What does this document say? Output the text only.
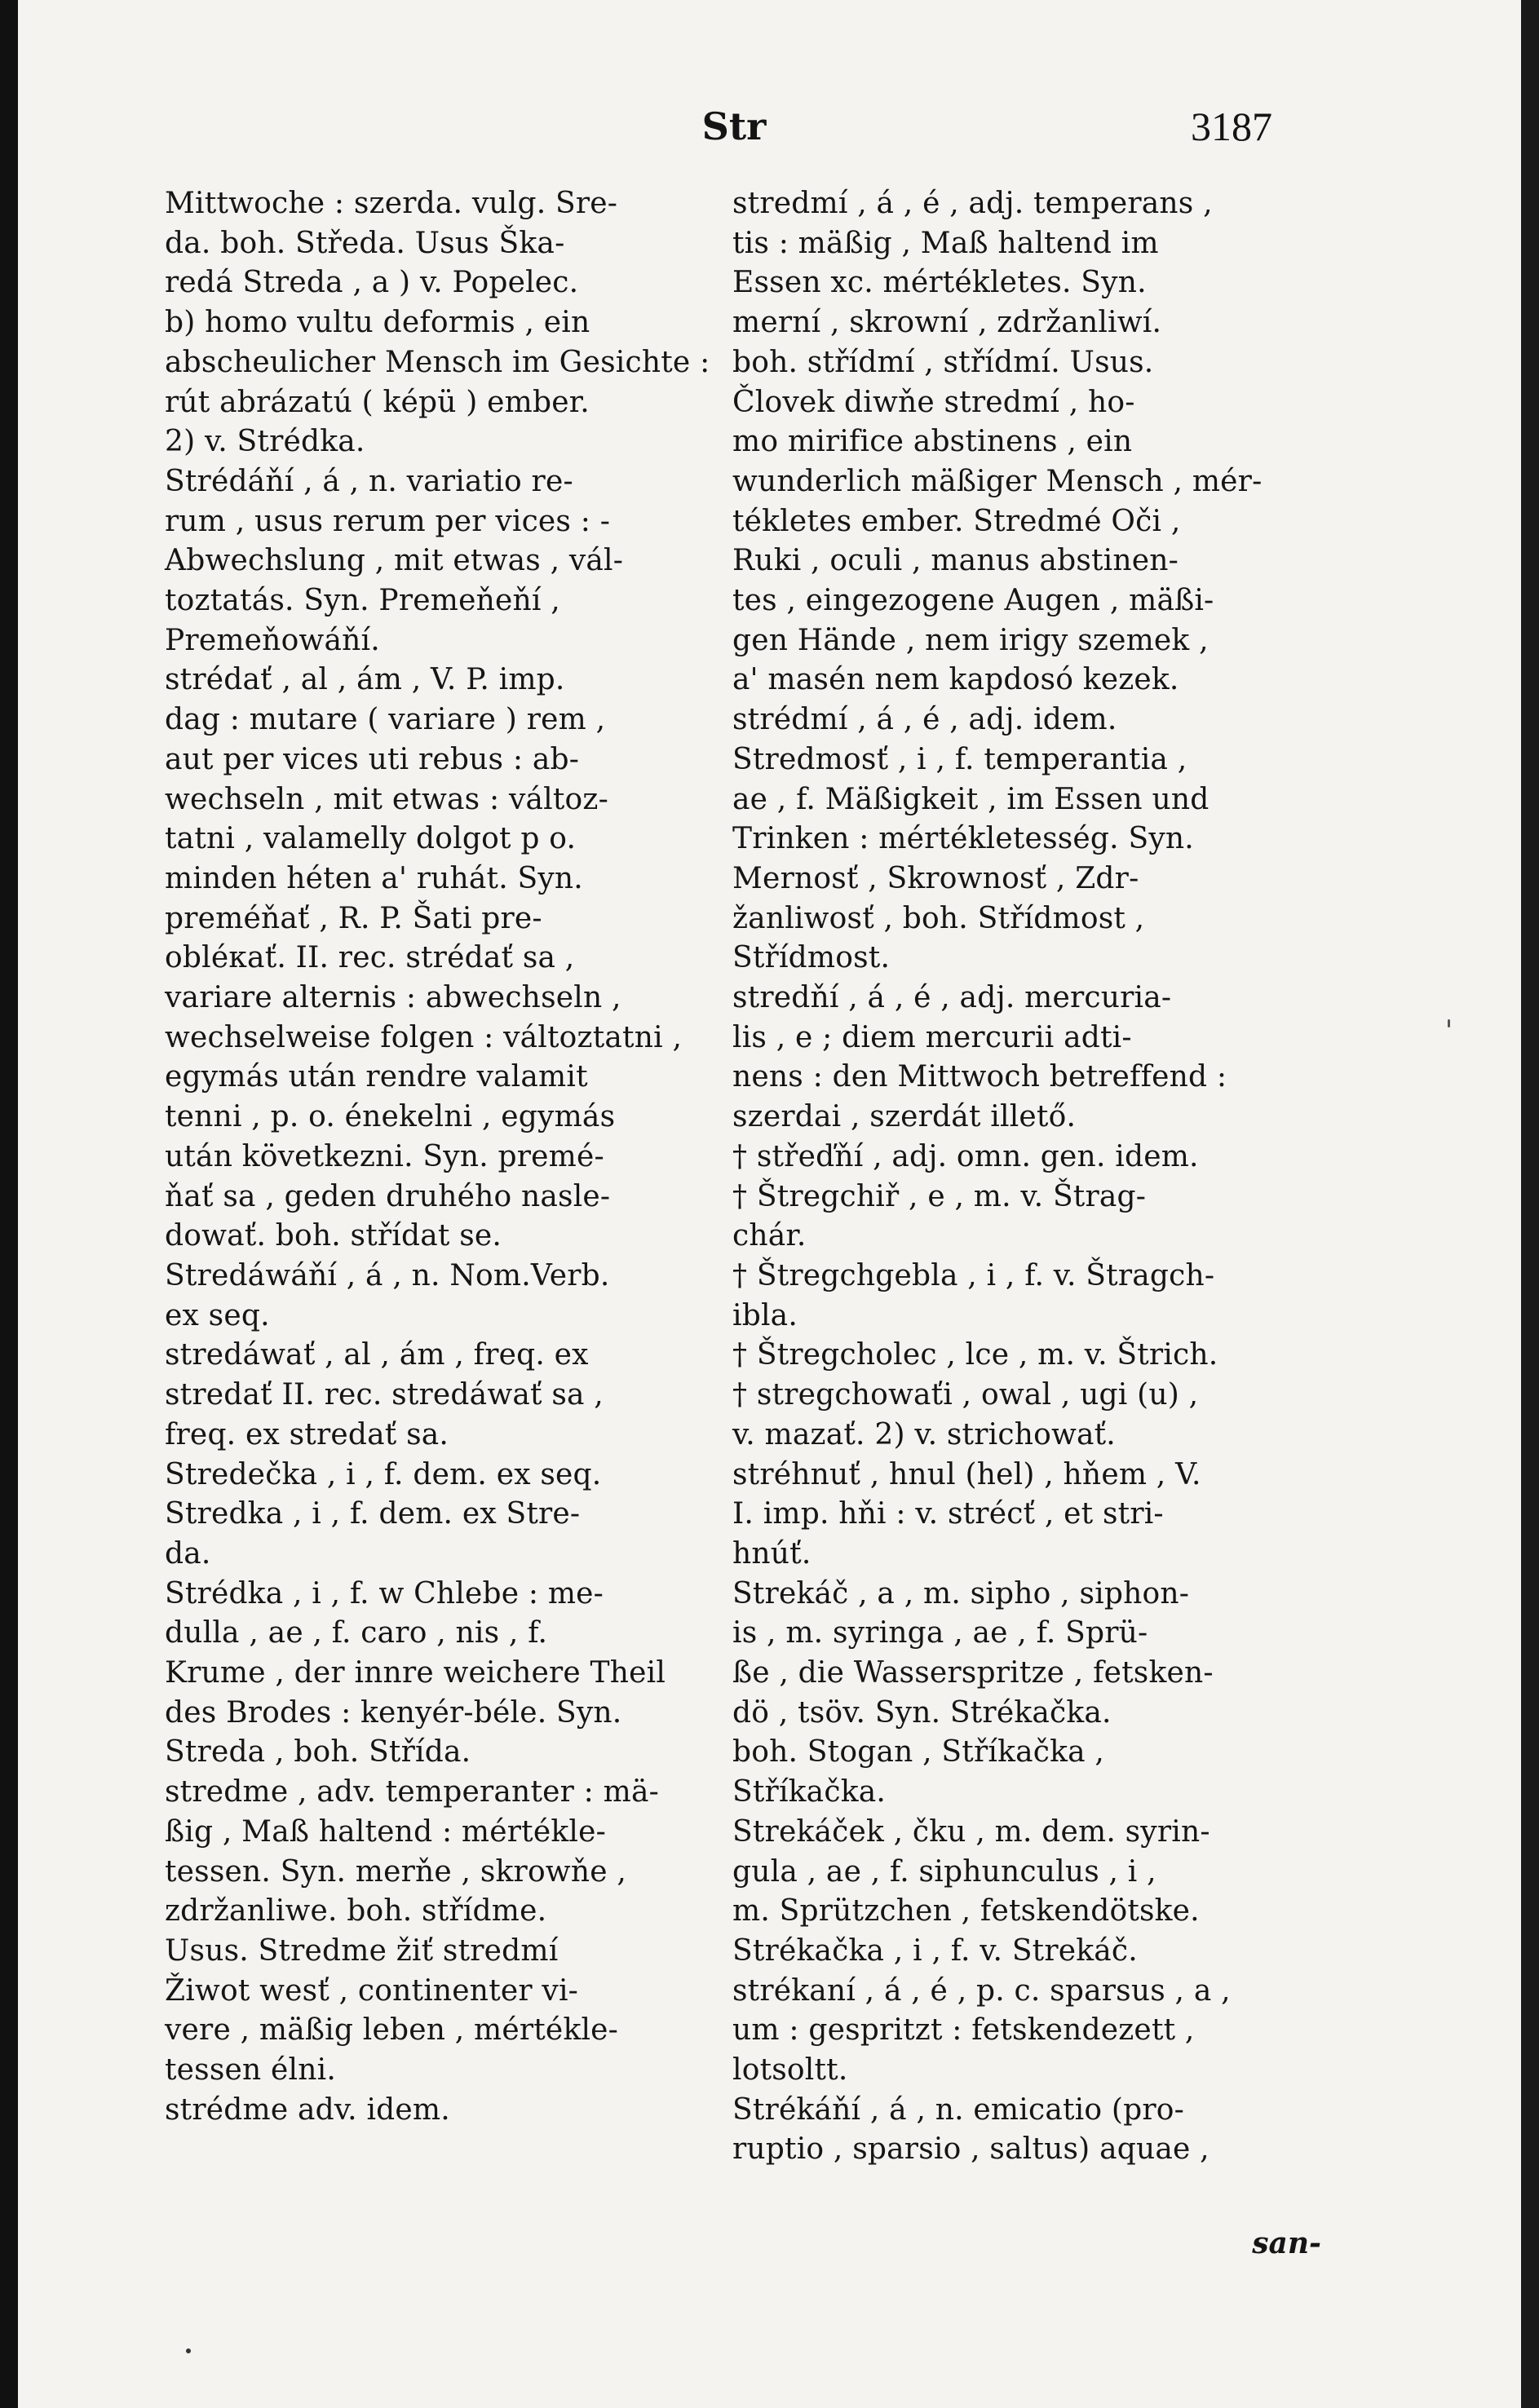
Str	3187
Mittwoche : szerda. vulg. Sre-
da. boh. Středa. Usus Ška-
redá Streda , a ) v. Popelec.
b) homo vultu deformis , ein
abscheulicher Mensch im Gesichte :
rút abrázatú ( képü ) ember.
2) v. Strédka.
Strédáňí , á , n. variatio re-
rum , usus rerum per vices : -
Abwechslung , mit etwas , vál-
toztatás. Syn. Premeňeňí ,
Premeňowáňí.
strédať , al , ám , V. P. imp.
dag : mutare ( variare ) rem ,
aut per vices uti rebus : ab-
wechseln , mit etwas : változ-
tatni , valamelly dolgot p o.
minden héten a' ruhát. Syn.
preméňať , R. P. Šati pre-
obléкať. II. rec. strédať sa ,
variare alternis : abwechseln ,
wechselweise folgen : változtatni ,
egymás után rendre valamit
tenni , p. o. énekelni , egymás
után következni. Syn. premé-
ňať sa , geden druhého nasle-
dowať. boh. střídat se.
Stredáwáňí , á , n. Nom.Verb.
ex seq.
stredáwať , al , ám , freq. ex
stredať II. rec. stredáwať sa ,
freq. ex stredať sa.
Stredečka , i , f. dem. ex seq.
Stredka , i , f. dem. ex Stre-
da.
Strédka , i , f. w Chlebe : me-
dulla , ae , f. caro , nis , f.
Krume , der innre weichere Theil
des Brodes : kenyér-béle. Syn.
Streda , boh. Střída.
stredme , adv. temperanter : mä-
ßig , Maß haltend : mértékle-
tessen. Syn. merňe , skrowňe ,
zdržanliwe. boh. střídme.
Usus. Stredme žiť stredmí
Žiwot wesť , continenter vi-
vere , mäßig leben , mértékle-
tessen élni.
strédme adv. idem.
stredmí , á , é , adj. temperans ,
tis : mäßig , Maß haltend im
Essen xc. mértékletes. Syn.
merní , skrowní , zdržanliwí.
boh. střídmí , střídmí. Usus.
Človek diwňe stredmí , ho-
mo mirifice abstinens , ein
wunderlich mäßiger Mensch , mér-
tékletes ember. Stredmé Oči ,
Ruki , oculi , manus abstinen-
tes , eingezogene Augen , mäßi-
gen Hände , nem irigy szemek ,
a' masén nem kapdosó kezek.
strédmí , á , é , adj. idem.
Stredmosť , i , f. temperantia ,
ae , f. Mäßigkeit , im Essen und
Trinken : mértékletesség. Syn.
Mernosť , Skrownosť , Zdr-
žanliwosť , boh. Střídmost ,
Střídmost.
stredňí , á , é , adj. mercuria-
lis , e ; diem mercurii adti-
nens : den Mittwoch betreffend :
szerdai , szerdát illető.
† střeďňí , adj. omn. gen. idem.
† Štregchiř , e , m. v. Štrag-
chár.
† Štregchgebla , i , f. v. Štragch-
ibla.
† Štregcholec , lce , m. v. Štrich.
† stregchowaťi , owal , ugi (u) ,
v. mazať. 2) v. strichowať.
stréhnuť , hnul (hel) , hňem , V.
I. imp. hňi : v. strécť , et stri-
hnúť.
Strekáč , a , m. sipho , siphon-
is , m. syringa , ae , f. Sprü-
ße , die Wasserspritze , fetsken-
dö , tsöv. Syn. Strékačka.
boh. Stogan , Stříkačka ,
Stříkačka.
Strekáček , čku , m. dem. syrin-
gula , ae , f. siphunculus , i ,
m. Sprützchen , fetskendötske.
Strékačka , i , f. v. Strekáč.
strékaní , á , é , p. c. sparsus , a ,
um : gespritzt : fetskendezett ,
lotsoltt.
Strékáňí , á , n. emicatio (pro-
ruptio , sparsio , saltus) aquae ,
san-
